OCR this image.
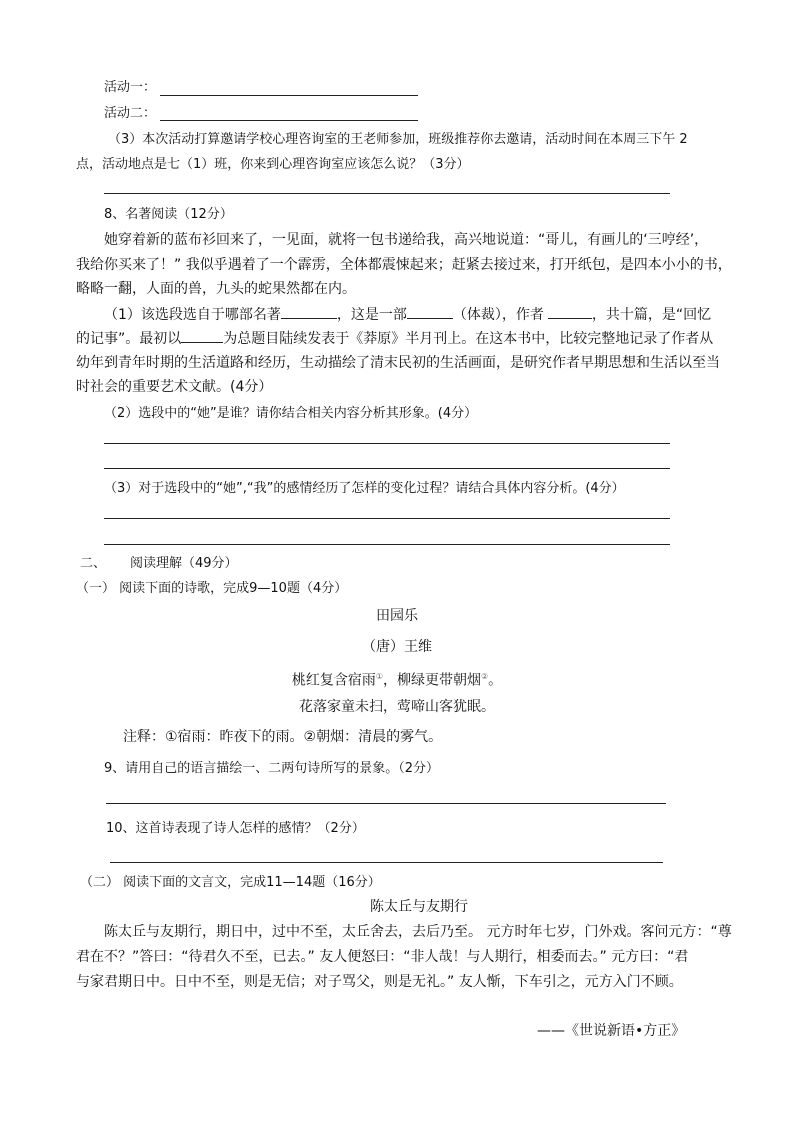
活动一：
活动二：
（3）本次活动打算邀请学校心理咨询室的王老师参加，班级推荐你去邀请，活动时间在本周三下午 2
点，活动地点是七（1）班，你来到心理咨询室应该怎么说？（3分）
8、名著阅读（12分）
她穿着新的蓝布衫回来了，一见面，就将一包书递给我，高兴地说道：“哥儿，有画儿的‘三哼经’，
我给你买来了！” 我似乎遇着了一个霹雳，全体都震悚起来；赶紧去接过来，打开纸包，是四本小小的书，
略略一翻，人面的兽，九头的蛇果然都在内。
（1）该选段选自于哪部名著	，这是一部	（体裁），作者	，共十篇，是“回忆
的记事”。最初以	为总题目陆续发表于《莽原》半月刊上。在这本书中，比较完整地记录了作者从
幼年到青年时期的生活道路和经历，生动描绘了清末民初的生活画面，是研究作者早期思想和生活以至当
时社会的重要艺术文献。(4分）
（2）选段中的“她”是谁？请你结合相关内容分析其形象。(4分）
（3）对于选段中的“她”,“我”的感情经历了怎样的变化过程？请结合具体内容分析。(4分）
二、 阅读理解（49分）
（一） 阅读下面的诗歌，完成9—10题（4分）
田园乐
（唐）王维
桃红复含宿雨①，柳绿更带朝烟②。
花落家童未扫，莺啼山客犹眠。
注释：①宿雨：昨夜下的雨。②朝烟：清晨的雾气。
9、请用自己的语言描绘一、二两句诗所写的景象。（2分）
10、这首诗表现了诗人怎样的感情？（2分）
（二） 阅读下面的文言文，完成11—14题（16分）
陈太丘与友期行
陈太丘与友期行，期日中，过中不至，太丘舍去，去后乃至。 元方时年七岁，门外戏。客问元方：“尊
君在不？”答曰：“待君久不至，已去。” 友人便怒曰：“非人哉！与人期行，相委而去。” 元方曰：“君
与家君期日中。日中不至，则是无信；对子骂父，则是无礼。” 友人惭，下车引之，元方入门不顾。
——《世说新语•方正》
